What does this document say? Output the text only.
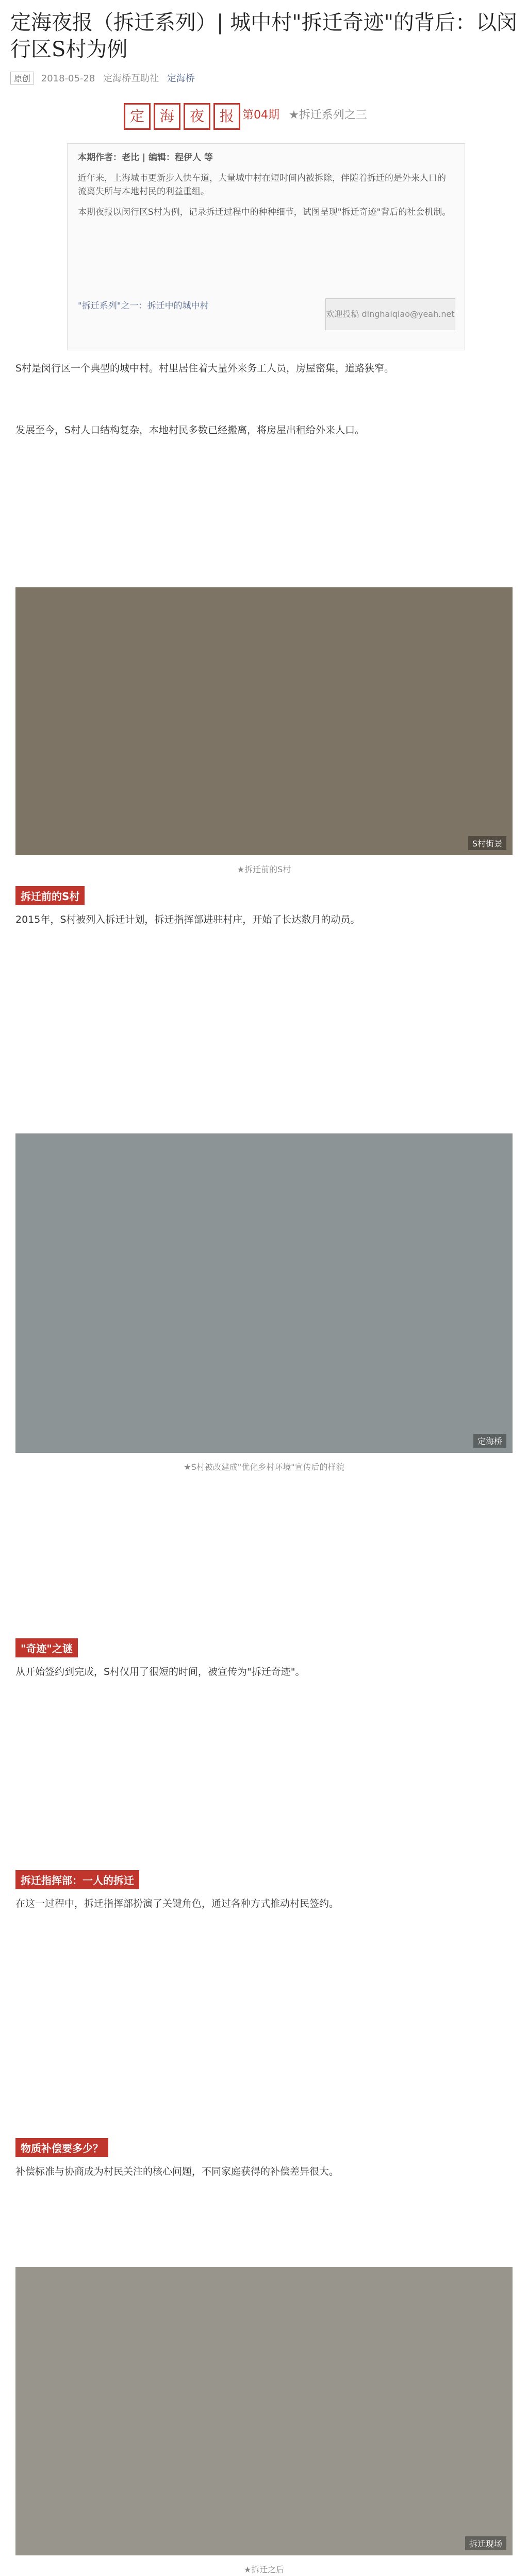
定海夜报（拆迁系列）| 城中村"拆迁奇迹"的背后：以闵行区S村为例
原创 2018-05-28 定海桥互助社 定海桥
定 海 夜 报 第04期 ★拆迁系列之三

本期作者：老比 | 编辑：程伊人 等

近年来，上海城市更新步入快车道，大量城中村在短时间内被拆除，伴随着拆迁的是外来人口的流离失所与本地村民的利益重组。

本期夜报以闵行区S村为例，记录拆迁过程中的种种细节，试图呈现"拆迁奇迹"背后的社会机制。

"拆迁系列"之一：拆迁中的城中村
欢迎投稿 dinghaiqiao@yeah.net
S村是闵行区一个典型的城中村。村里居住着大量外来务工人员，房屋密集，道路狭窄。
发展至今，S村人口结构复杂，本地村民多数已经搬离，将房屋出租给外来人口。
S村街景
★拆迁前的S村
拆迁前的S村
2015年，S村被列入拆迁计划，拆迁指挥部进驻村庄，开始了长达数月的动员。
定海桥
★S村被改建成"优化乡村环境"宣传后的样貌
"奇迹"之谜
从开始签约到完成，S村仅用了很短的时间，被宣传为"拆迁奇迹"。
拆迁指挥部：一人的拆迁
在这一过程中，拆迁指挥部扮演了关键角色，通过各种方式推动村民签约。
物质补偿要多少？
补偿标准与协商成为村民关注的核心问题，不同家庭获得的补偿差异很大。
拆迁现场
★拆迁之后
